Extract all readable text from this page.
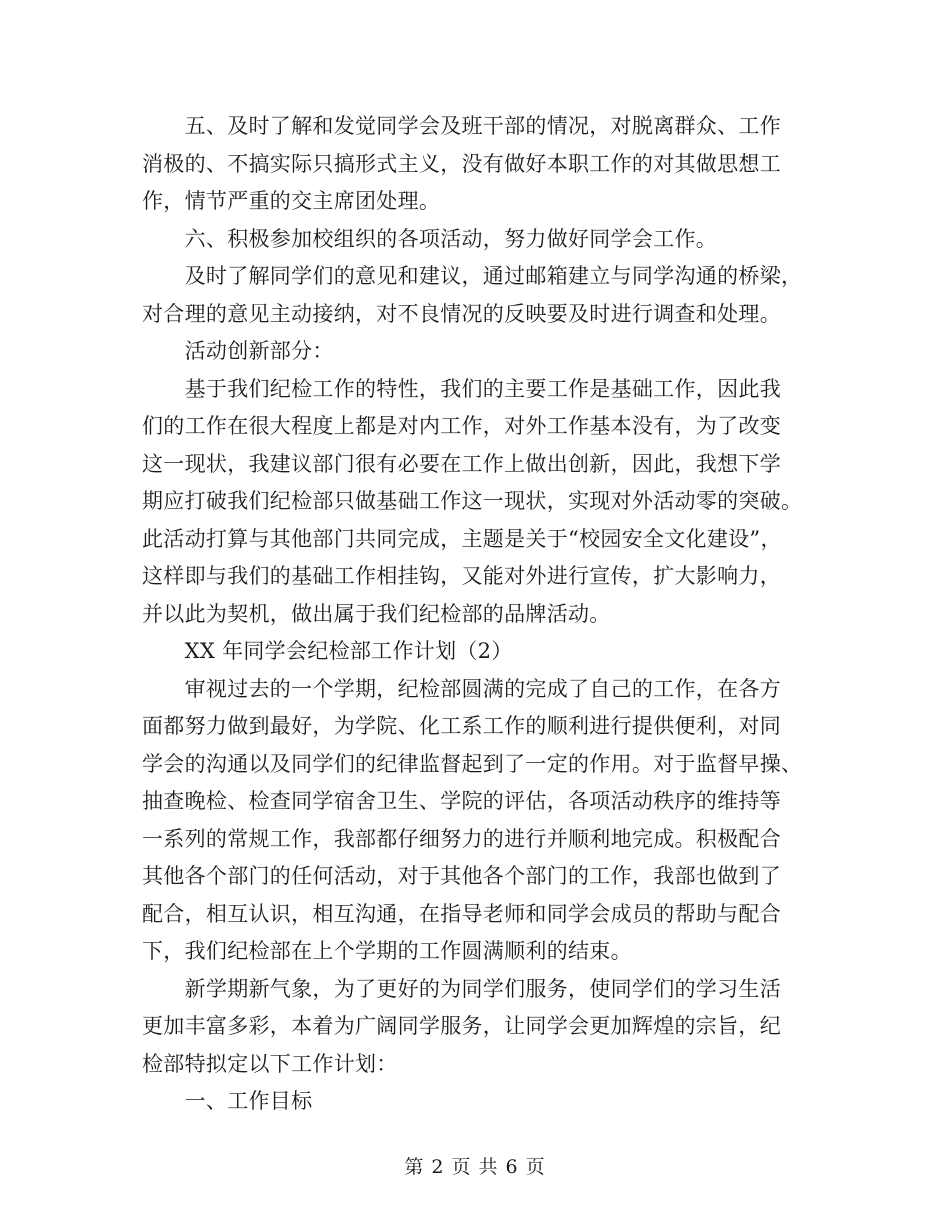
　　五、及时了解和发觉同学会及班干部的情况，对脱离群众、工作
消极的、不搞实际只搞形式主义，没有做好本职工作的对其做思想工
作，情节严重的交主席团处理。
　　六、积极参加校组织的各项活动，努力做好同学会工作。
　　及时了解同学们的意见和建议，通过邮箱建立与同学沟通的桥梁，
对合理的意见主动接纳，对不良情况的反映要及时进行调查和处理。
　　活动创新部分：
　　基于我们纪检工作的特性，我们的主要工作是基础工作，因此我
们的工作在很大程度上都是对内工作，对外工作基本没有，为了改变
这一现状，我建议部门很有必要在工作上做出创新，因此，我想下学
期应打破我们纪检部只做基础工作这一现状，实现对外活动零的突破。
此活动打算与其他部门共同完成，主题是关于“校园安全文化建设”，
这样即与我们的基础工作相挂钩，又能对外进行宣传，扩大影响力，
并以此为契机，做出属于我们纪检部的品牌活动。
　　XX 年同学会纪检部工作计划（2）
　　审视过去的一个学期，纪检部圆满的完成了自己的工作，在各方
面都努力做到最好，为学院、化工系工作的顺利进行提供便利，对同
学会的沟通以及同学们的纪律监督起到了一定的作用。对于监督早操、
抽查晚检、检查同学宿舍卫生、学院的评估，各项活动秩序的维持等
一系列的常规工作，我部都仔细努力的进行并顺利地完成。积极配合
其他各个部门的任何活动，对于其他各个部门的工作，我部也做到了
配合，相互认识，相互沟通，在指导老师和同学会成员的帮助与配合
下，我们纪检部在上个学期的工作圆满顺利的结束。
　　新学期新气象，为了更好的为同学们服务，使同学们的学习生活
更加丰富多彩，本着为广阔同学服务，让同学会更加辉煌的宗旨，纪
检部特拟定以下工作计划：
　　一、工作目标
第 2 页 共 6 页
